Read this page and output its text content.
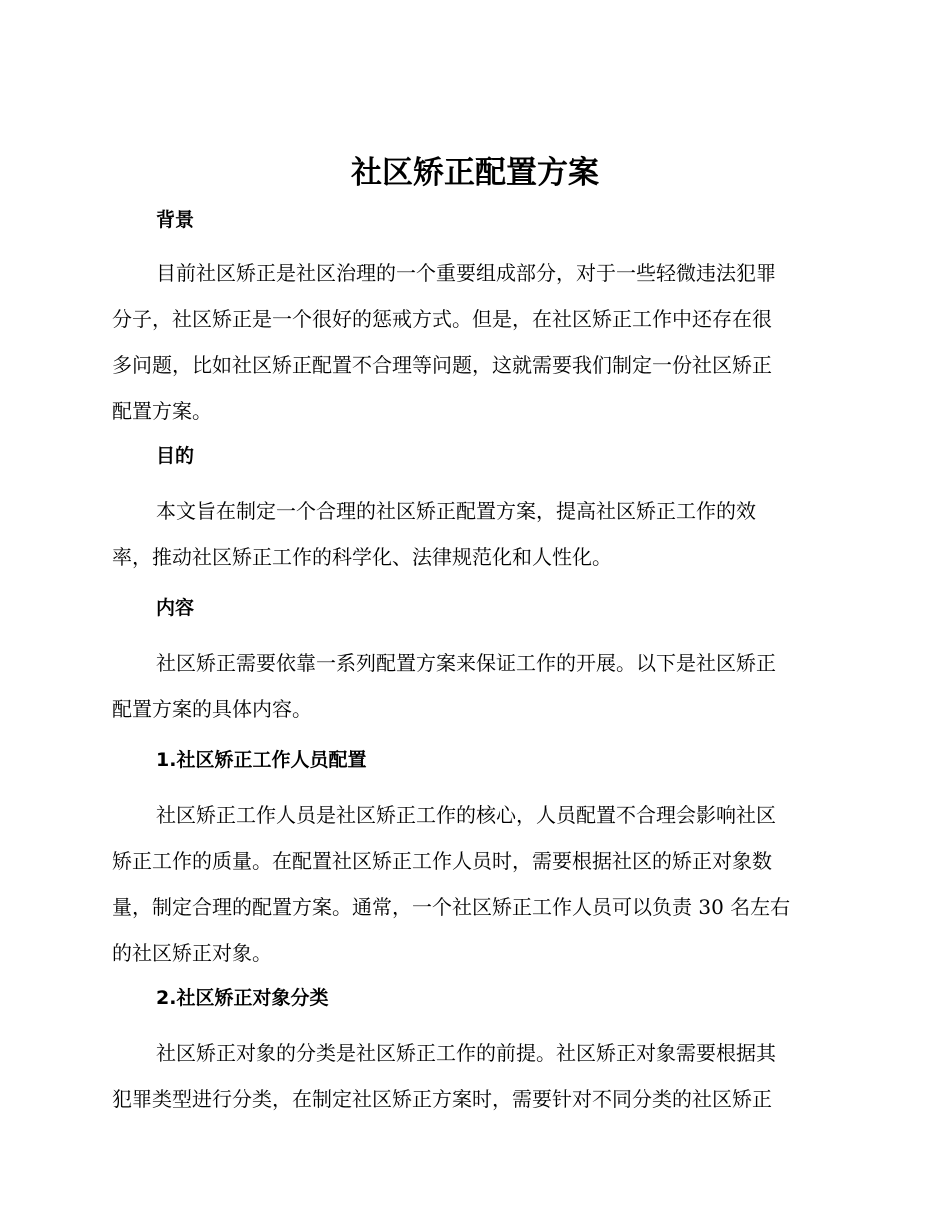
社区矫正配置方案
背景
目前社区矫正是社区治理的一个重要组成部分，对于一些轻微违法犯罪
分子，社区矫正是一个很好的惩戒方式。但是，在社区矫正工作中还存在很
多问题，比如社区矫正配置不合理等问题，这就需要我们制定一份社区矫正
配置方案。
目的
本文旨在制定一个合理的社区矫正配置方案，提高社区矫正工作的效
率，推动社区矫正工作的科学化、法律规范化和人性化。
内容
社区矫正需要依靠一系列配置方案来保证工作的开展。以下是社区矫正
配置方案的具体内容。
1.社区矫正工作人员配置
社区矫正工作人员是社区矫正工作的核心，人员配置不合理会影响社区
矫正工作的质量。在配置社区矫正工作人员时，需要根据社区的矫正对象数
量，制定合理的配置方案。通常，一个社区矫正工作人员可以负责 30 名左右
的社区矫正对象。
2.社区矫正对象分类
社区矫正对象的分类是社区矫正工作的前提。社区矫正对象需要根据其
犯罪类型进行分类，在制定社区矫正方案时，需要针对不同分类的社区矫正
